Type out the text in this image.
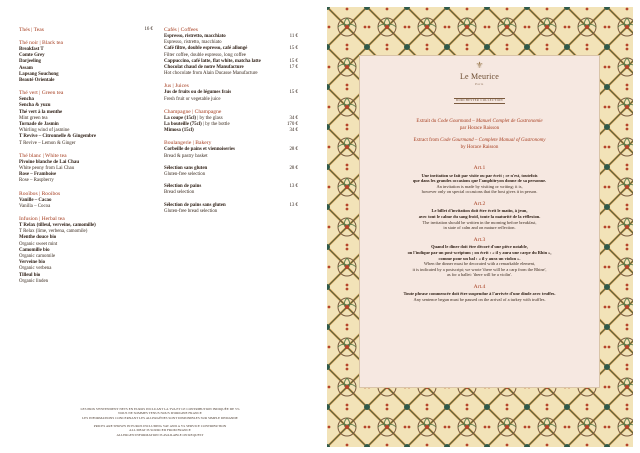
Thés | Teas	16 €
Thé noir | Black tea
Breakfast T
Comte Grey
Darjeeling
Assam
Lapsang Souchong
Beauté Orientale
Thé vert | Green tea
Sencha
Sencha & yuzu
Thé vert à la menthe
Mint green tea
Tornade de Jasmin
Whirling wind of jasmine
T Revive – Citronnelle & Gingembre
T Revive – Lemon & Ginger
Thé blanc | White tea
Pivoine blanche de Lai Chau
White peony from Lai Chau
Rose – Framboise
Rose – Raspberry
Rooïbos | Rooibos
Vanille – Cacao
Vanilla – Cocoa
Infusion | Herbal tea
T Relax (tilleul, verveine, camomille)
T Relax (lime, verbena, camomile)
Menthe douce bio
Organic sweet mint
Camomille bio
Organic camomile
Verveine bio
Organic verbena
Tilleul bio
Organic linden
Cafés | Coffees
Espresso, ristretto, macchiato	11 €
Espresso, ristretto, macchiato
Café filtre, double espresso, café allongé	15 €
Filter coffee, double espresso, long coffee
Cappuccino, café latte, flat white, matcha latte	15 €
Chocolat chaud de notre Manufacture	17 €
Hot chocolate from Alain Ducasse Manufacture
Jus | Juices
Jus de fruits ou de légumes frais	15 €
Fresh fruit or vegetable juice
Champagne | Champagne
La coupe (15cl) | by the glass	34 €
La bouteille (75cl) | by the bottle	170 €
Mimosa (15cl)	34 €
Boulangerie | Bakery
Corbeille de pains et viennoiseries	28 €
Bread & pastry basket
Sélection sans gluten	28 €
Gluten-free selection
Sélection de pains	13 €
Bread selection
Sélection de pains sans gluten	13 €
Gluten-free bread selection
LES PRIX S'ENTENDENT NETS EN EUROS INCLUANT LA TVA ET LE CONTRIBUTION INDIQUÉE DE 5%
NOUS NE SOMMES TENUS NOUS D'ORIGINE FRANCE
LES INFORMATIONS CONCERNANT LES ALLERGÈNES SONT DISPONIBLES SUR SIMPLE DEMANDE
PRICES ARE SHOWN IN EUROS INCLUDING VAT AND A 5% SERVICE CONTRIBUTION
ALL MEAT IS SOURCED FROM FRANCE
ALLERGEN INFORMATION IS AVAILABLE ON REQUEST
⚜
Le Meurice
Paris
DORCHESTER COLLECTION
Extrait du Code Gourmand – Manuel Complet de Gastronomie
par Horace Raisson
Extract from Code Gourmand – Complete Manual of Gastronomy
by Horace Raisson
Art.1
Une invitation se fait par visite ou par écrit ; ce n'est, toutefois
que dans les grandes occasions que l'amphitryon donne de sa personne.
An invitation is made by visiting or writing; it is,
however only on special occasions that the host gives it in person.
Art.2
Le billet d'invitation doit être écrit le matin, à jeun,
avec tout le calme du sang froid, toute la maturité de la réflexion.
The invitation should be written in the morning before breakfast,
in state of calm and on mature reflection.
Art.3
Quand le dîner doit être décoré d'une pièce notable,
on l'indique par un post-scriptum ; on écrit : « il y aura une carpe du Rhin »,
comme pour un bal : « il y aura un violon ».
When the dinner must be decorated with a remarkable element,
it is indicated by a postscript; we wrote 'there will be a carp from the Rhine',
as for a ballet: 'there will be a violin'.
Art.4
Toute phrase commencée doit être suspendue à l'arrivée d'une dinde avec truffes.
Any sentence begun must be paused on the arrival of a turkey with truffles.
